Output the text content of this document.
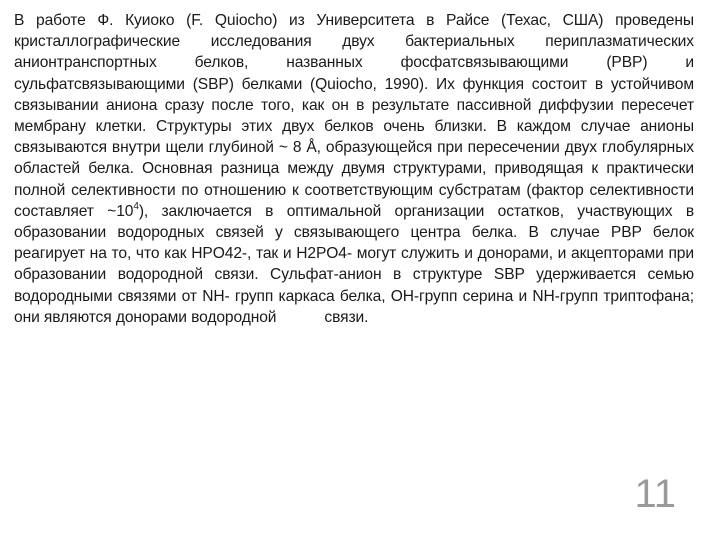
В работе Ф. Куиоко (F. Quiocho) из Университета в Райсе (Техас, США) проведены кристаллографические исследования двух бактериальных периплазматических анионтранспортных белков, названных фосфатсвязывающими (PBP) и сульфатсвязывающими (SBP) белками (Quiocho, 1990). Их функция состоит в устойчивом связывании аниона сразу после того, как он в результате пассивной диффузии пересечет мембрану клетки. Структуры этих двух белков очень близки. В каждом случае анионы связываются внутри щели глубиной ~ 8 Å, образующейся при пересечении двух глобулярных областей белка. Основная разница между двумя структурами, приводящая к практически полной селективности по отношению к соответствующим субстратам (фактор селективности составляет $\sim 10^4$), заключается в оптимальной организации остатков, участвующих в образовании водородных связей у связывающего центра белка. В случае PBP белок реагирует на то, что как HPO42-, так и H2PO4- могут служить и донорами, и акцепторами при образовании водородной связи. Сульфат-анион в структуре SBP удерживается семью водородными связями от NH- групп каркаса белка, OH-групп серина и NH-групп триптофана; они являются донорами водородной	связи.

11
